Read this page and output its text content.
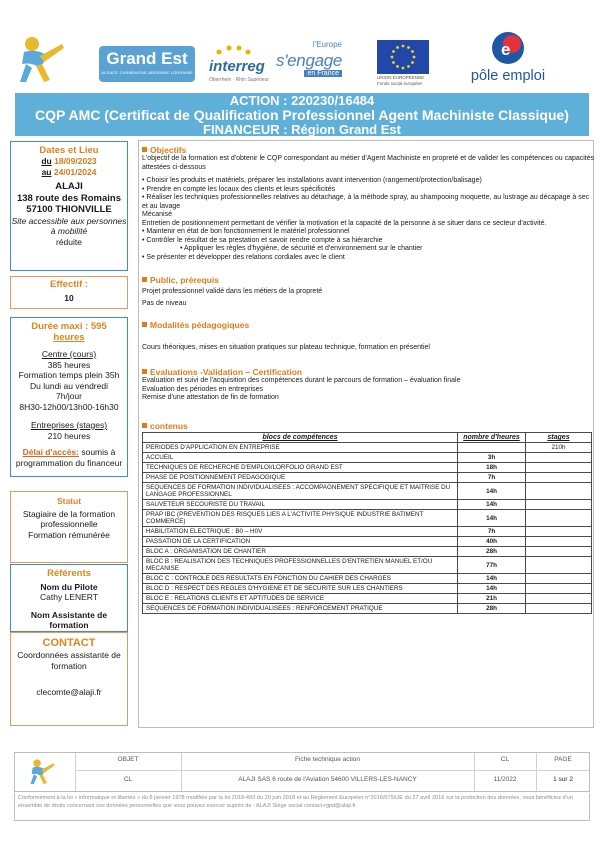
Grand Est
ALSACE CHAMPAGNE-ARDENNE LORRAINE interreg
Oberrhein · Rhin Supérieur
l'Europe
s'engage
en France
UNION EUROPÉENNE Fonds social européen
e
pôle emploi
ACTION : 220230/16484
CQP AMC (Certificat de Qualification Professionnel Agent Machiniste Classique)
FINANCEUR : Région Grand Est
Dates et Lieu
du 18/09/2023
au 24/01/2024
ALAJI
138 route des Romains
57100 THIONVILLE
Site accessible aux personnes à mobilité
réduite
Effectif :
10
Durée maxi : 595
heures
Centre (cours)
385 heures
Formation temps plein 35h
Du lundi au vendredi
7h/jour
8H30-12h00/13h00-16h30
Entreprises (stages)
210 heures
Délai d'accès: soumis à programmation du financeur
Statut
Stagiaire de la formation professionnelle
Formation rémunérée
Référents
Nom du Pilote
Cathy LENERT
Nom Assistante de formation
CONTACT
Coordonnées assistante de formation
clecomte@alaji.fr
Objectifs

L'objectif de la formation est d'obtenir le CQP correspondant au métier d'Agent Machiniste en propreté et de valider les compétences ou capacités attestées ci-dessous

• Choisir les produits et matériels, préparer les installations avant intervention (rangement/protection/balisage)

• Prendre en compte les locaux des clients et leurs spécificités

• Réaliser les techniques professionnelles relatives au détachage, à la méthode spray, au shampooing moquette, au lustrage au décapage à sec et au lavage

Mécanisé

Entretien de positionnement permettant de vérifier la motivation et la capacité de la personne à se situer dans ce secteur d'activité.

• Maintenir en état de bon fonctionnement le matériel professionnel

• Contrôler le résultat de sa prestation et savoir rendre compte à sa hiérarchie

• Appliquer les règles d'hygiène, de sécurité et d'environnement sur le chantier

• Se présenter et développer des relations cordiales avec le client

Public, prérequis

Projet professionnel validé dans les métiers de la propreté

Pas de niveau

Modalités pédagogiques

Cours théoriques, mises en situation pratiques sur plateau technique, formation en présentiel

Evaluations -Validation – Certification

Evaluation et suivi de l'acquisition des compétences durant le parcours de formation – évaluation finale

Evaluation des périodes en entreprises

Remise d'une attestation de fin de formation

contenus
blocs de compétences	nombre d'heures	stages
PERIODES D'APPLICATION EN ENTREPRISE		210h
ACCUEIL	3h	
TECHNIQUES DE RECHERCHE D'EMPLOI/LORFOLIO GRAND EST	18h	
PHASE DE POSITIONNEMENT PEDAGOGIQUE	7h	
SEQUENCES DE FORMATION INDIVIDUALISEES : ACCOMPAGNEMENT SPECIFIQUE ET MAITRISE DU LANGAGE PROFESSIONNEL	14h	
SAUVETEUR SECOURISTE DU TRAVAIL	14h	
PRAP IBC (PREVENTION DES RISQUES LIES A L'ACTIVITE PHYSIQUE INDUSTRIE BATIMENT COMMERCE)	14h	
HABILITATION ELECTRIQUE : B0 – H0V	7h	
PASSATION DE LA CERTIFICATION	40h	
BLOC A : ORGANISATION DE CHANTIER	28h	
BLOC B : REALISATION DES TECHNIQUES PROFESSIONNELLES D'ENTRETIEN MANUEL ET/OU MECANISE	77h	
BLOC C : CONTROLE DES RESULTATS EN FONCTION DU CAHIER DES CHARGES	14h	
BLOC D : RESPECT DES REGLES D'HYGIENE ET DE SECURITE SUR LES CHANTIERS	14h	
BLOC E : RELATIONS CLIENTS ET APTITUDES DE SERVICE	21h	
SEQUENCES DE FORMATION INDIVIDUALISEES : RENFORCEMENT PRATIQUE	28h	
OBJET	Fiche technique action	CL	PAGE
CL	ALAJI SAS 6 route de l'Aviation 54600 VILLERS-LES-NANCY	11/2022	1 sur 2
Conformément à la loi « informatique et libertés » du 6 janvier 1978 modifiée par la loi 2018-493 du 20 juin 2018 et au Règlement Européen n°2016/679/UE du 27 avril 2016 sur la protection des données, vous bénéficiez d'un ensemble de droits concernant vos données personnelles que vous pouvez exercer auprès de : ALAJI Siège social contact-rgpd@alaji.fr
